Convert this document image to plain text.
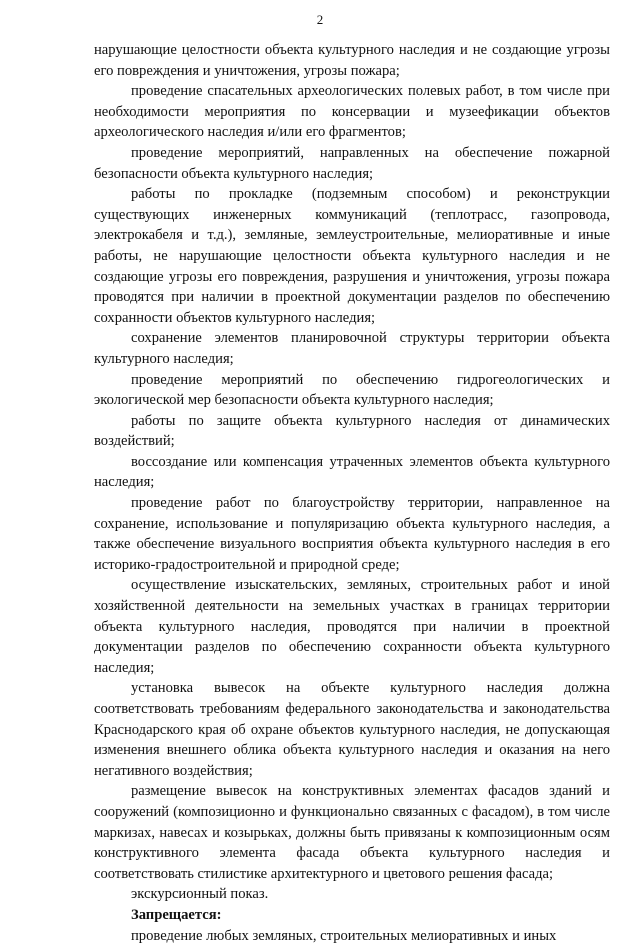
2

нарушающие целостности объекта культурного наследия и не создающие угрозы его повреждения и уничтожения, угрозы пожара;

проведение спасательных археологических полевых работ, в том числе при необходимости мероприятия по консервации и музеефикации объектов археологического наследия и/или его фрагментов;

проведение мероприятий, направленных на обеспечение пожарной безопасности объекта культурного наследия;

работы по прокладке (подземным способом) и реконструкции существующих инженерных коммуникаций (теплотрасс, газопровода, электрокабеля и т.д.), земляные, землеустроительные, мелиоративные и иные работы, не нарушающие целостности объекта культурного наследия и не создающие угрозы его повреждения, разрушения и уничтожения, угрозы пожара проводятся при наличии в проектной документации разделов по обеспечению сохранности объектов культурного наследия;

сохранение элементов планировочной структуры территории объекта культурного наследия;

проведение мероприятий по обеспечению гидрогеологических и экологической мер безопасности объекта культурного наследия;

работы по защите объекта культурного наследия от динамических воздействий;

воссоздание или компенсация утраченных элементов объекта культурного наследия;

проведение работ по благоустройству территории, направленное на сохранение, использование и популяризацию объекта культурного наследия, а также обеспечение визуального восприятия объекта культурного наследия в его историко-градостроительной и природной среде;

осуществление изыскательских, земляных, строительных работ и иной хозяйственной деятельности на земельных участках в границах территории объекта культурного наследия, проводятся при наличии в проектной документации разделов по обеспечению сохранности объекта культурного наследия;

установка вывесок на объекте культурного наследия должна соответствовать требованиям федерального законодательства и законодательства Краснодарского края об охране объектов культурного наследия, не допускающая изменения внешнего облика объекта культурного наследия и оказания на него негативного воздействия;

размещение вывесок на конструктивных элементах фасадов зданий и сооружений (композиционно и функционально связанных с фасадом), в том числе маркизах, навесах и козырьках, должны быть привязаны к композиционным осям конструктивного элемента фасада объекта культурного наследия и соответствовать стилистике архитектурного и цветового решения фасада;

экскурсионный показ.

Запрещается:

проведение любых земляных, строительных мелиоративных и иных
